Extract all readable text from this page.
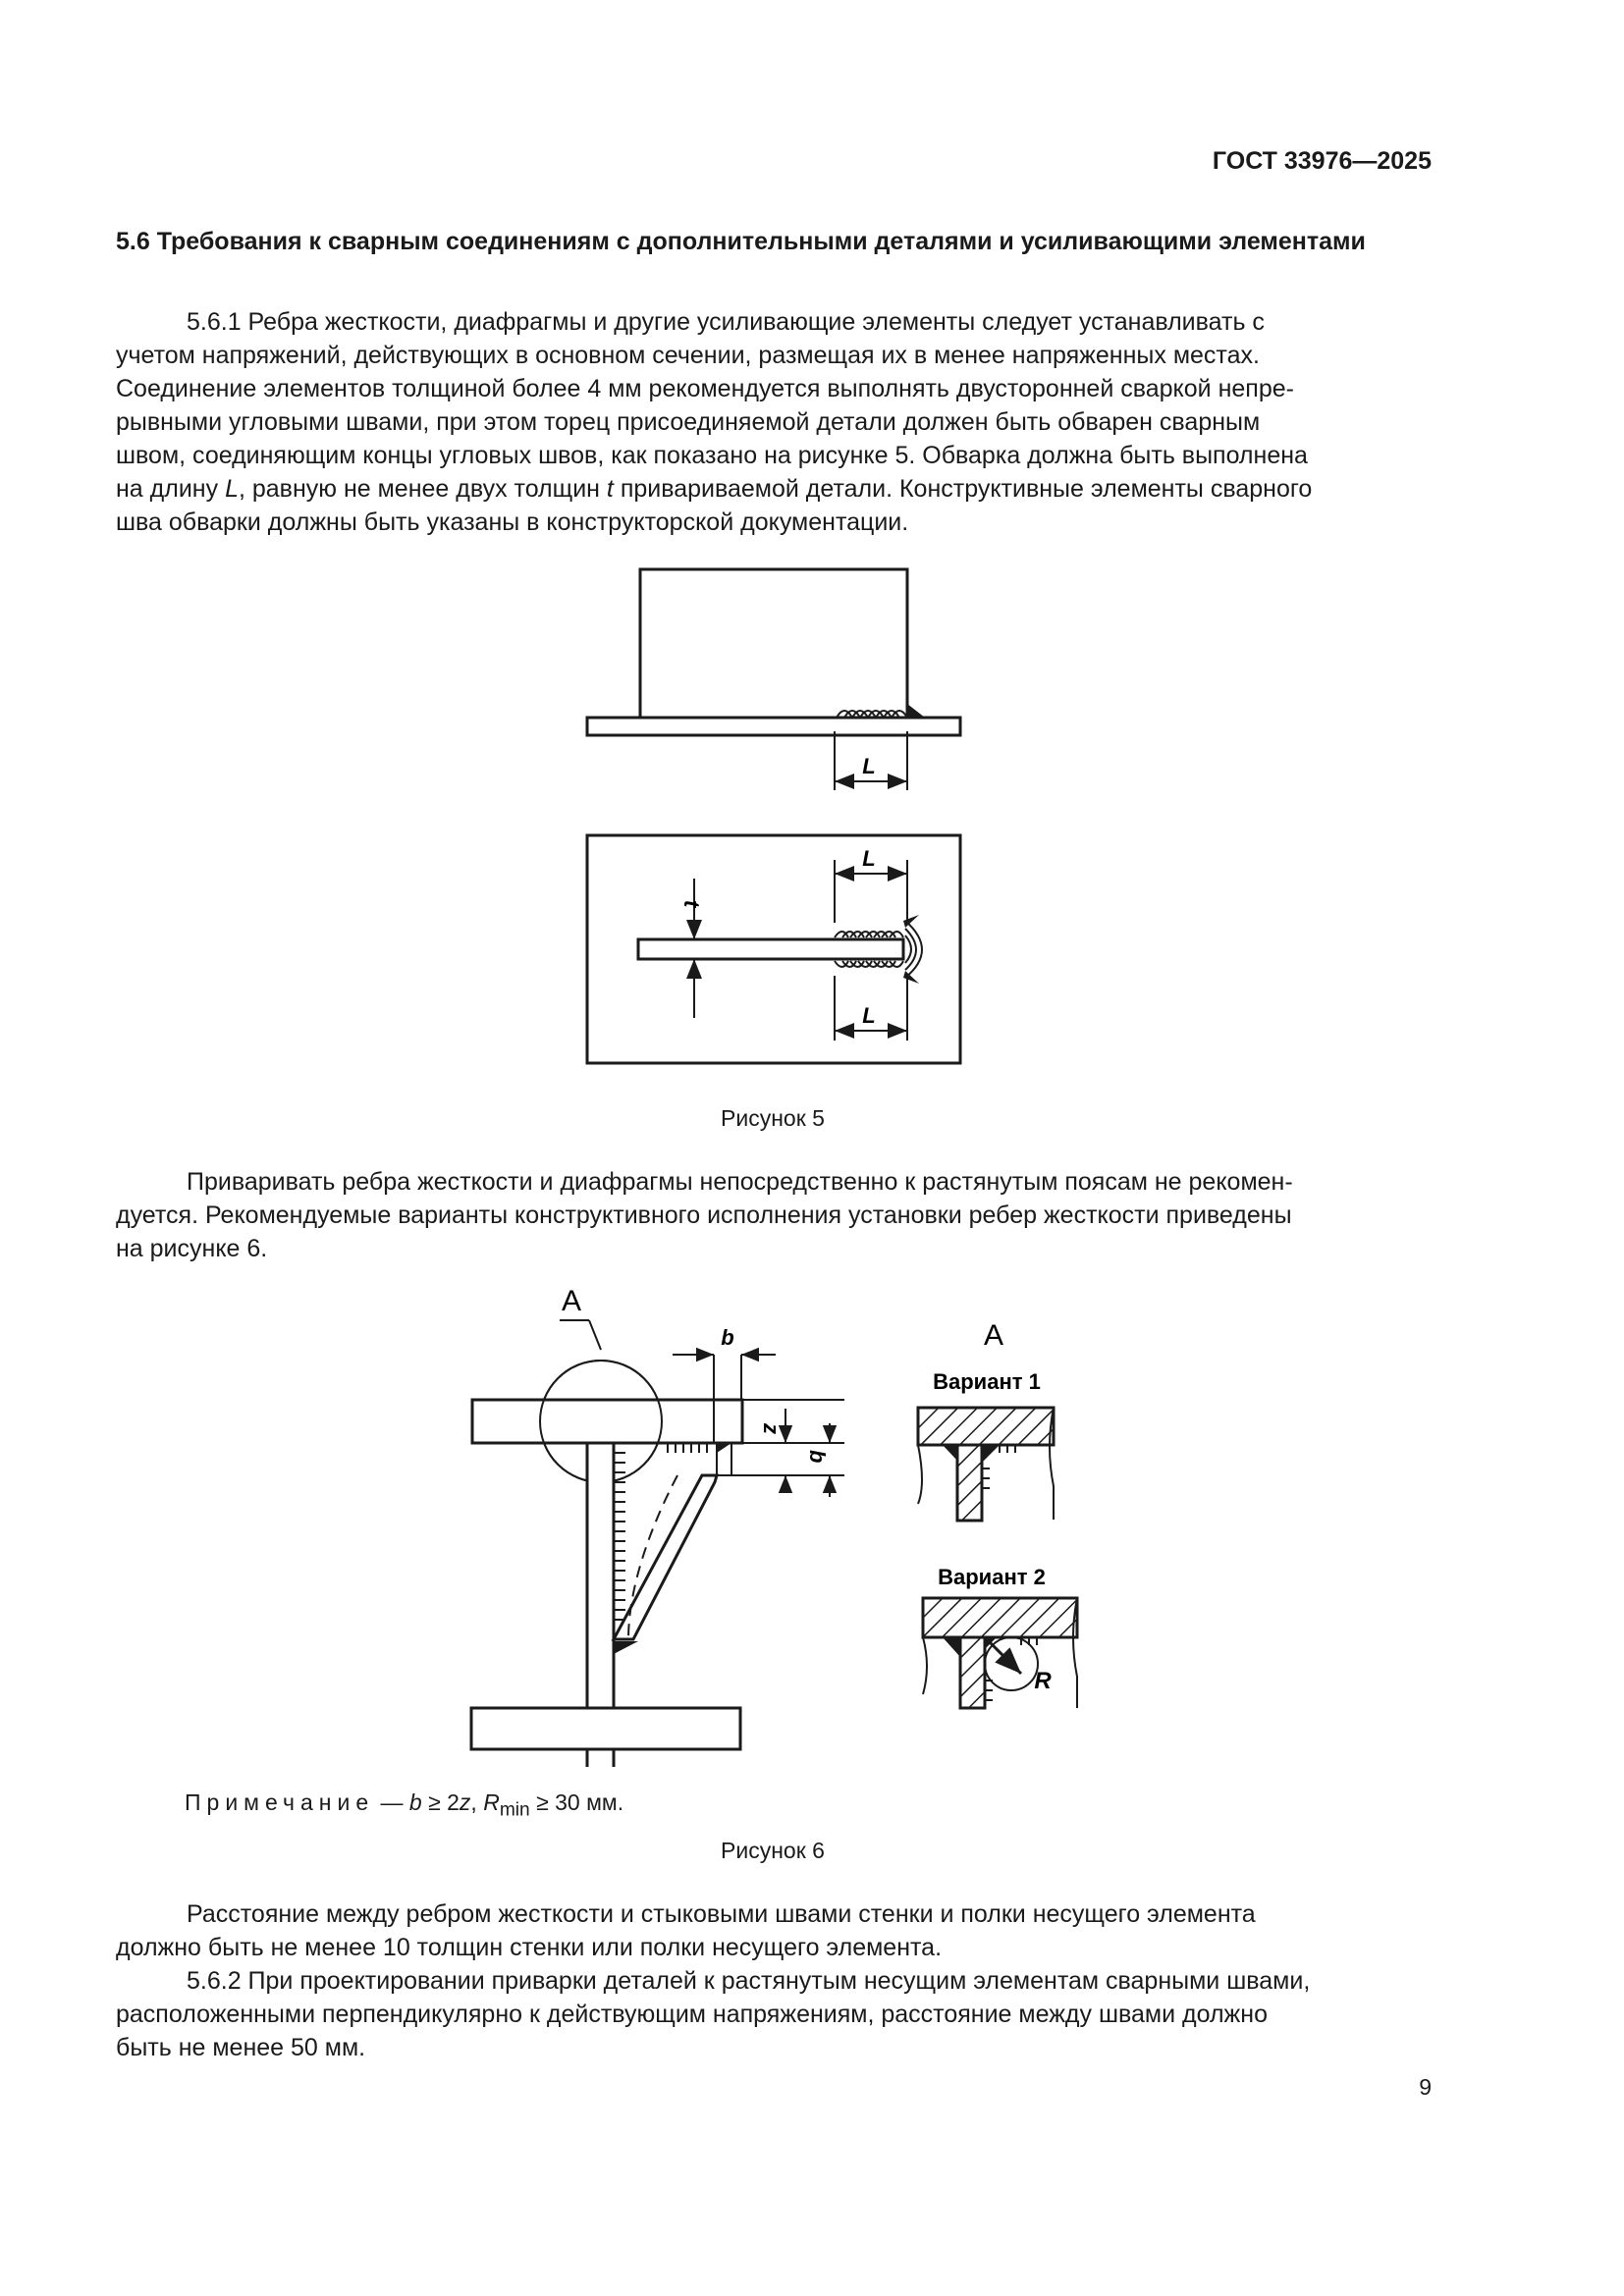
ГОСТ 33976—2025
5.6 Требования к сварным соединениям с дополнительными деталями и усиливающими элементами
5.6.1 Ребра жесткости, диафрагмы и другие усиливающие элементы следует устанавливать с
учетом напряжений, действующих в основном сечении, размещая их в менее напряженных местах.
Соединение элементов толщиной более 4 мм рекомендуется выполнять двусторонней сваркой непре-
рывными угловыми швами, при этом торец присоединяемой детали должен быть обварен сварным
швом, соединяющим концы угловых швов, как показано на рисунке 5. Обварка должна быть выполнена
на длину L, равную не менее двух толщин t привариваемой детали. Конструктивные элементы сварного
шва обварки должны быть указаны в конструкторской документации.
L
t
L
L
Рисунок 5
Приваривать ребра жесткости и диафрагмы непосредственно к растянутым поясам не рекомен-
дуется. Рекомендуемые варианты конструктивного исполнения установки ребер жесткости приведены
на рисунке 6.
A
b
z
b
A
Вариант 1
Вариант 2
R
Примечание — b ≥ 2z, $R_{min} \ge 30$ мм.
Рисунок 6
Расстояние между ребром жесткости и стыковыми швами стенки и полки несущего элемента
должно быть не менее 10 толщин стенки или полки несущего элемента.
5.6.2 При проектировании приварки деталей к растянутым несущим элементам сварными швами,
расположенными перпендикулярно к действующим напряжениям, расстояние между швами должно
быть не менее 50 мм.
9
